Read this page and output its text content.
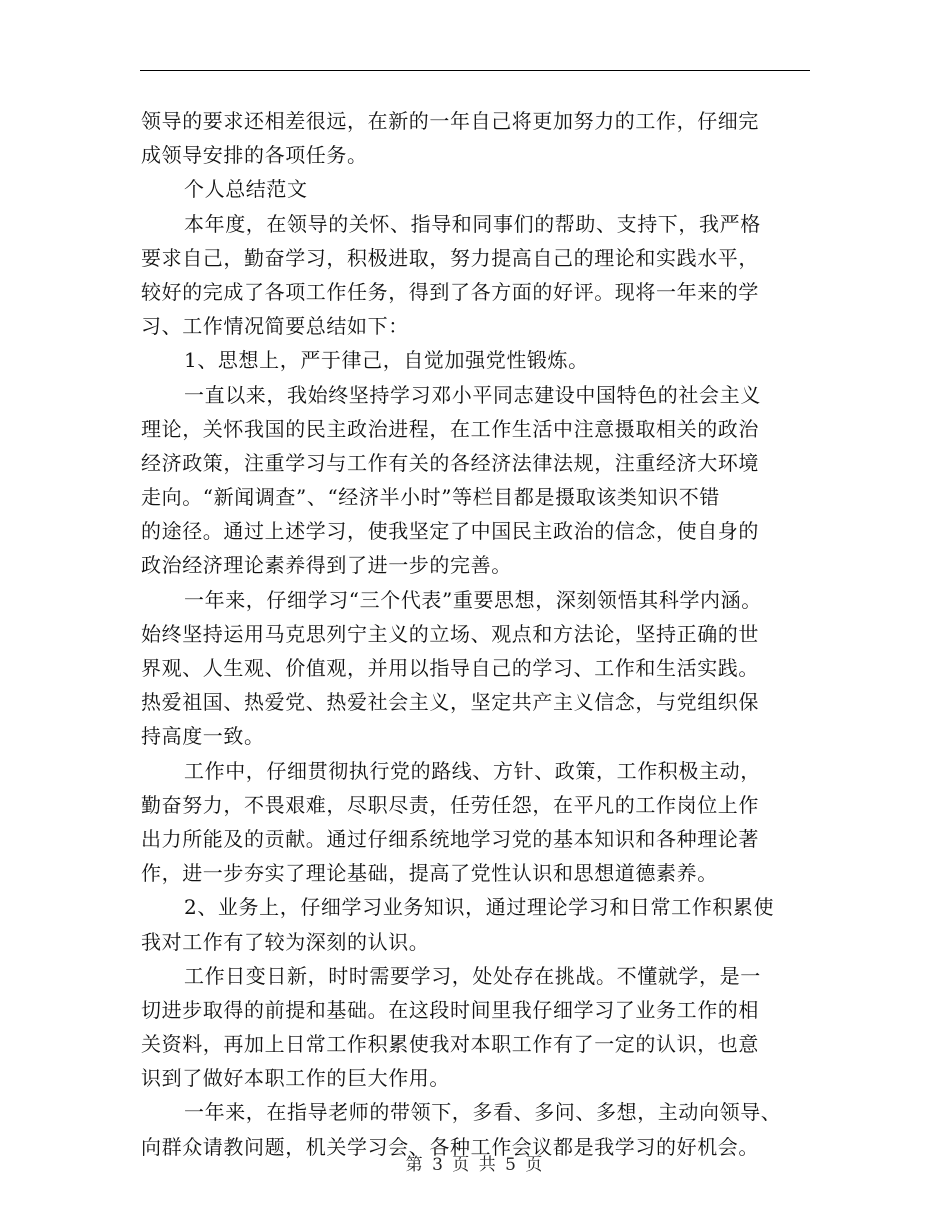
领导的要求还相差很远，在新的一年自己将更加努力的工作，仔细完
成领导安排的各项任务。
个人总结范文
本年度，在领导的关怀、指导和同事们的帮助、支持下，我严格
要求自己，勤奋学习，积极进取，努力提高自己的理论和实践水平，
较好的完成了各项工作任务，得到了各方面的好评。现将一年来的学
习、工作情况简要总结如下：
1、思想上，严于律己，自觉加强党性锻炼。
一直以来，我始终坚持学习邓小平同志建设中国特色的社会主义
理论，关怀我国的民主政治进程，在工作生活中注意摄取相关的政治
经济政策，注重学习与工作有关的各经济法律法规，注重经济大环境
走向。“新闻调查”、“经济半小时”等栏目都是摄取该类知识不错
的途径。通过上述学习，使我坚定了中国民主政治的信念，使自身的
政治经济理论素养得到了进一步的完善。
一年来，仔细学习“三个代表”重要思想，深刻领悟其科学内涵。
始终坚持运用马克思列宁主义的立场、观点和方法论，坚持正确的世
界观、人生观、价值观，并用以指导自己的学习、工作和生活实践。
热爱祖国、热爱党、热爱社会主义，坚定共产主义信念，与党组织保
持高度一致。
工作中，仔细贯彻执行党的路线、方针、政策，工作积极主动，
勤奋努力，不畏艰难，尽职尽责，任劳任怨，在平凡的工作岗位上作
出力所能及的贡献。通过仔细系统地学习党的基本知识和各种理论著
作，进一步夯实了理论基础，提高了党性认识和思想道德素养。
2、业务上，仔细学习业务知识，通过理论学习和日常工作积累使
我对工作有了较为深刻的认识。
工作日变日新，时时需要学习，处处存在挑战。不懂就学，是一
切进步取得的前提和基础。在这段时间里我仔细学习了业务工作的相
关资料，再加上日常工作积累使我对本职工作有了一定的认识，也意
识到了做好本职工作的巨大作用。
一年来，在指导老师的带领下，多看、多问、多想，主动向领导、
向群众请教问题，机关学习会、各种工作会议都是我学习的好机会。
第 3 页 共 5 页
